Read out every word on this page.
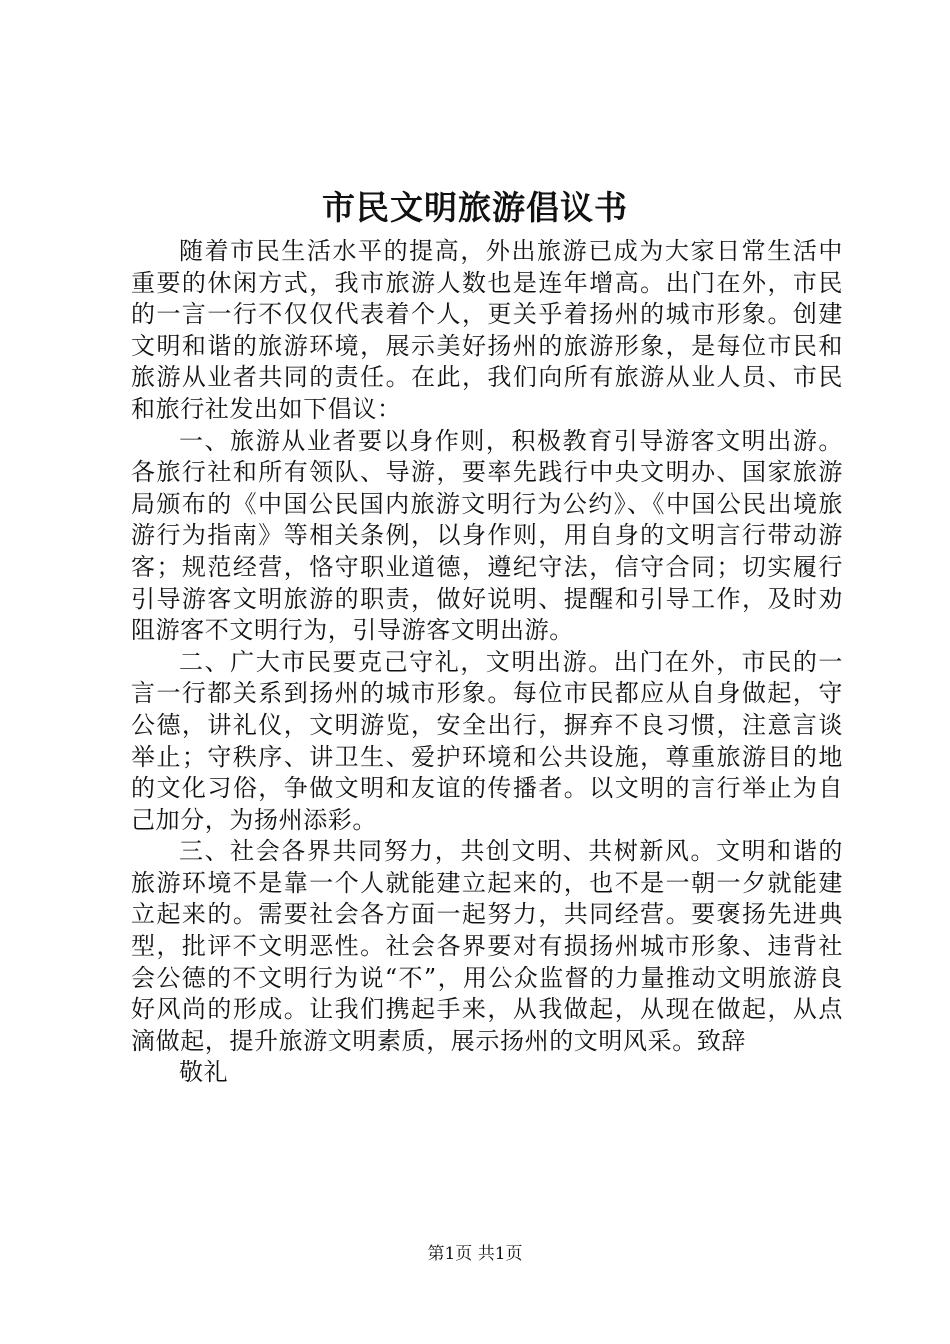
市民文明旅游倡议书

随着市民生活水平的提高，外出旅游已成为大家日常生活中重要的休闲方式，我市旅游人数也是连年增高。出门在外，市民的一言一行不仅仅代表着个人，更关乎着扬州的城市形象。创建文明和谐的旅游环境，展示美好扬州的旅游形象，是每位市民和旅游从业者共同的责任。在此，我们向所有旅游从业人员、市民和旅行社发出如下倡议：

一、旅游从业者要以身作则，积极教育引导游客文明出游。各旅行社和所有领队、导游，要率先践行中央文明办、国家旅游局颁布的《中国公民国内旅游文明行为公约》、《中国公民出境旅游行为指南》等相关条例，以身作则，用自身的文明言行带动游客；规范经营，恪守职业道德，遵纪守法，信守合同；切实履行引导游客文明旅游的职责，做好说明、提醒和引导工作，及时劝阻游客不文明行为，引导游客文明出游。

二、广大市民要克己守礼，文明出游。出门在外，市民的一言一行都关系到扬州的城市形象。每位市民都应从自身做起，守公德，讲礼仪，文明游览，安全出行，摒弃不良习惯，注意言谈举止；守秩序、讲卫生、爱护环境和公共设施，尊重旅游目的地的文化习俗，争做文明和友谊的传播者。以文明的言行举止为自己加分，为扬州添彩。

三、社会各界共同努力，共创文明、共树新风。文明和谐的旅游环境不是靠一个人就能建立起来的，也不是一朝一夕就能建立起来的。需要社会各方面一起努力，共同经营。要褒扬先进典型，批评不文明恶性。社会各界要对有损扬州城市形象、违背社会公德的不文明行为说“不”，用公众监督的力量推动文明旅游良好风尚的形成。让我们携起手来，从我做起，从现在做起，从点滴做起，提升旅游文明素质，展示扬州的文明风采。致辞

敬礼

第1页 共1页
